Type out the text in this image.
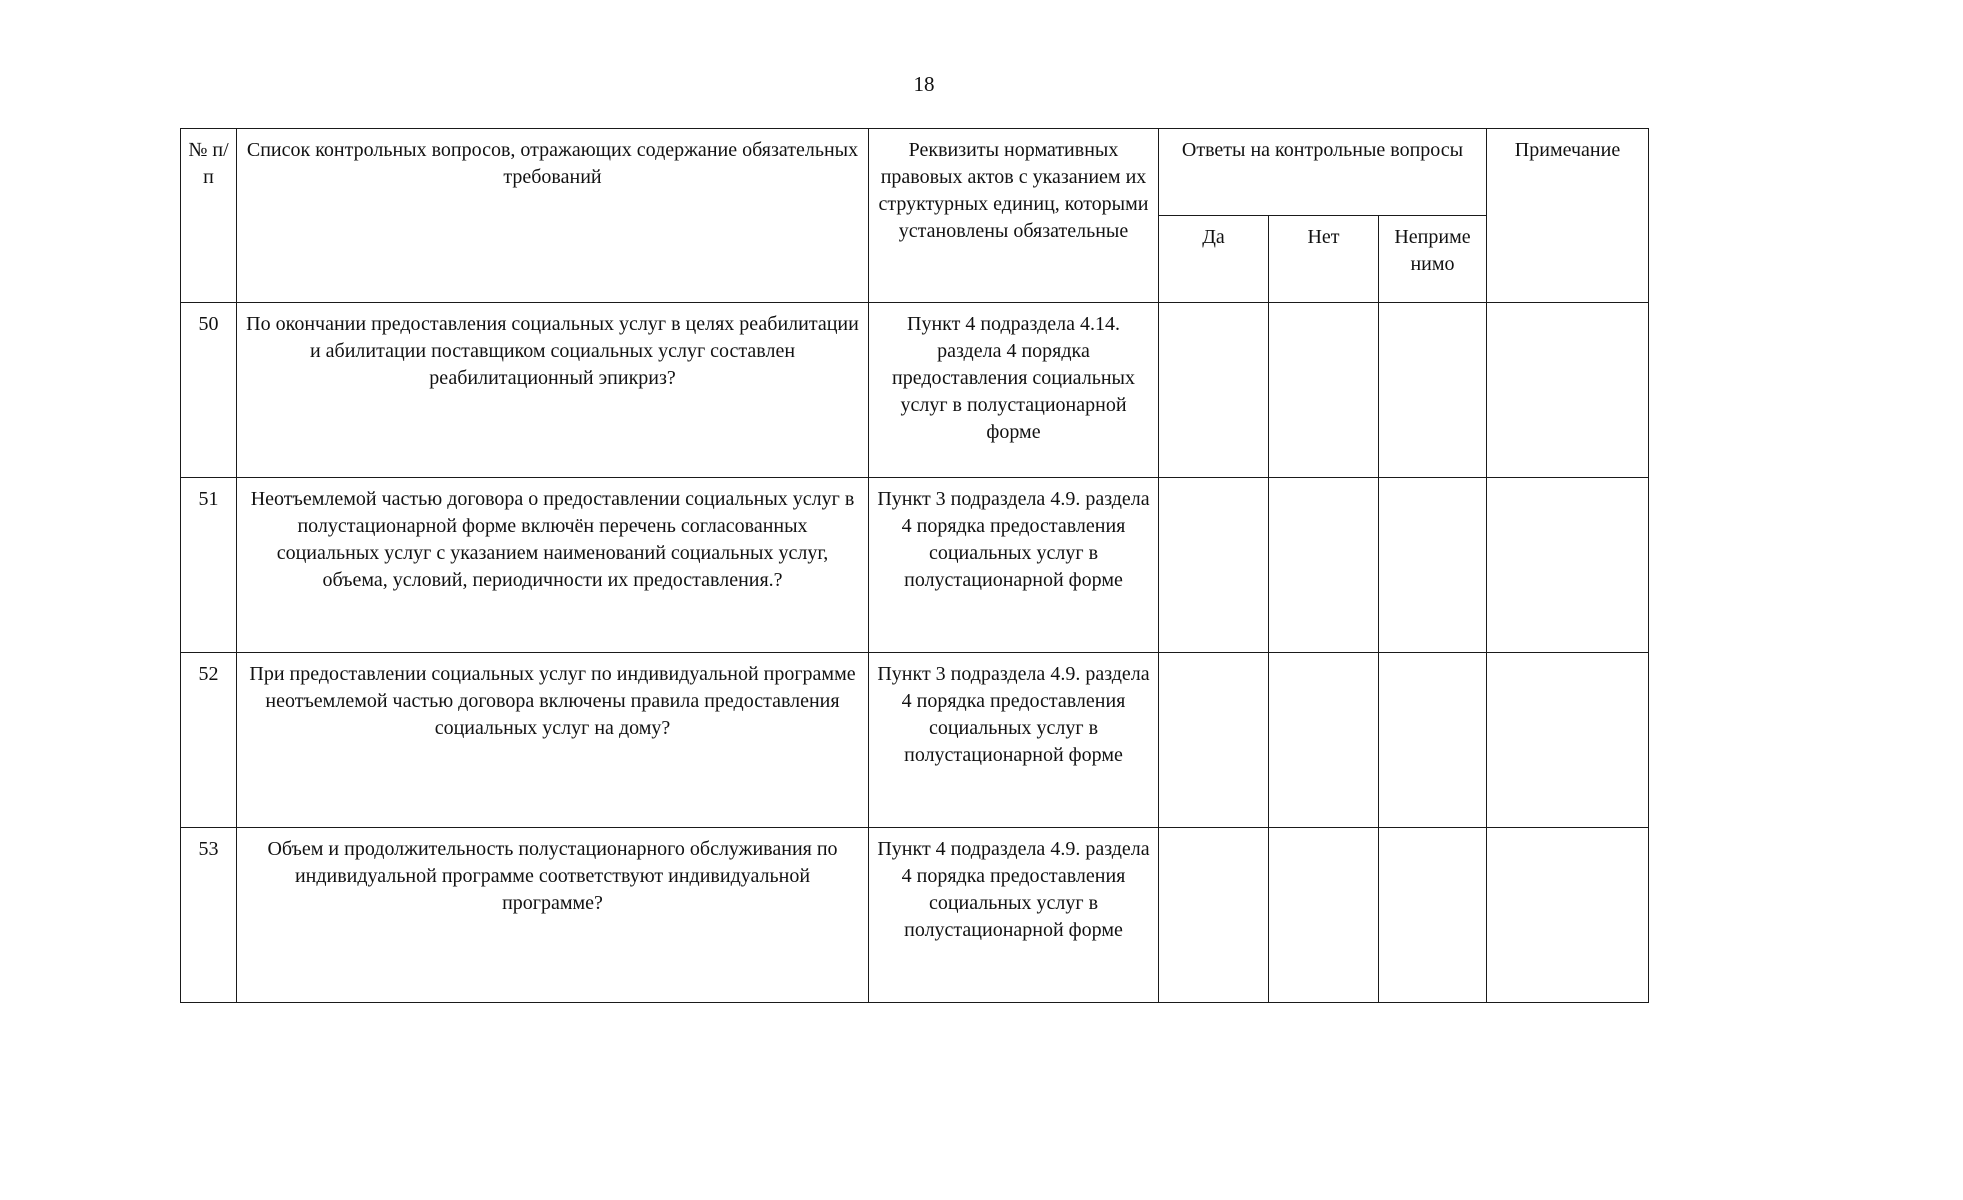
18
№ п/п	Список контрольных вопросов, отражающих содержание обязательных требований	Реквизиты нормативных правовых актов с указанием их структурных единиц, которыми установлены обязательные	Ответы на контрольные вопросы			Примечание
			Да	Нет	Неприме нимо	
50	По окончании предоставления социальных услуг в целях реабилитации и абилитации поставщиком социальных услуг составлен реабилитационный эпикриз?	Пункт 4 подраздела 4.14. раздела 4 порядка предоставления социальных услуг в полустационарной форме				

51	Неотъемлемой частью договора о предоставлении социальных услуг в полустационарной форме включён перечень согласованных социальных услуг с указанием наименований социальных услуг, объема, условий, периодичности их предоставления.?	Пункт 3 подраздела 4.9. раздела 4 порядка предоставления социальных услуг в полустационарной форме				

52	При предоставлении социальных услуг по индивидуальной программе неотъемлемой частью договора включены правила предоставления социальных услуг на дому?	Пункт 3 подраздела 4.9. раздела 4 порядка предоставления социальных услуг в полустационарной форме				

53	Объем и продолжительность полустационарного обслуживания по индивидуальной программе соответствуют индивидуальной программе?	Пункт 4 подраздела 4.9. раздела 4 порядка предоставления социальных услуг в полустационарной форме				
